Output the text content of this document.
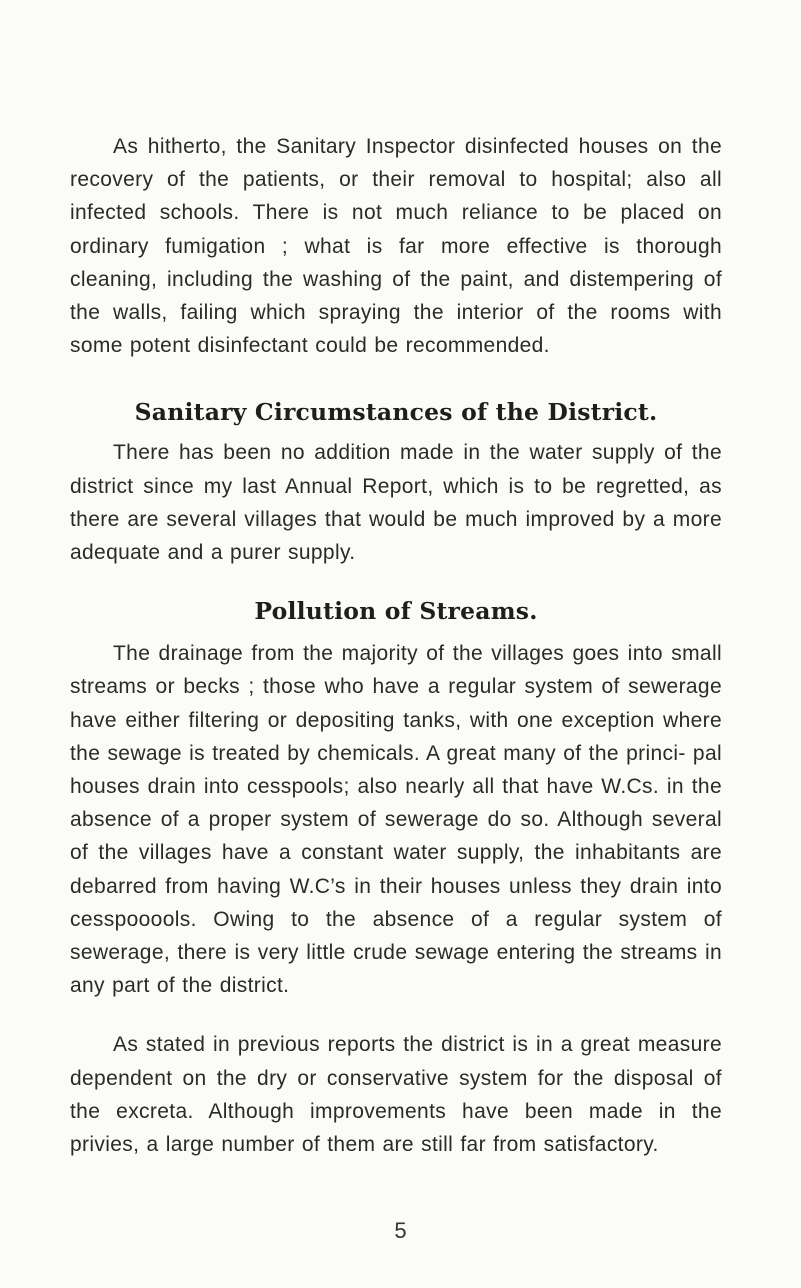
As hitherto, the Sanitary Inspector disinfected houses on the recovery of the patients, or their removal to hospital; also all infected schools. There is not much reliance to be placed on ordinary fumigation ; what is far more effective is thorough cleaning, including the washing of the paint, and distempering of the walls, failing which spraying the interior of the rooms with some potent disinfectant could be recommended.

Sanitary Circumstances of the District.

There has been no addition made in the water supply of the district since my last Annual Report, which is to be regretted, as there are several villages that would be much improved by a more adequate and a purer supply.

Pollution of Streams.

The drainage from the majority of the villages goes into small streams or becks ; those who have a regular system of sewerage have either filtering or depositing tanks, with one exception where the sewage is treated by chemicals. A great many of the princi- pal houses drain into cesspools; also nearly all that have W.Cs. in the absence of a proper system of sewerage do so. Although several of the villages have a constant water supply, the inhabitants are debarred from having W.C’s in their houses unless they drain into cesspooools. Owing to the absence of a regular system of sewerage, there is very little crude sewage entering the streams in any part of the district.

As stated in previous reports the district is in a great measure dependent on the dry or conservative system for the disposal of the excreta. Although improvements have been made in the privies, a large number of them are still far from satisfactory.

5
